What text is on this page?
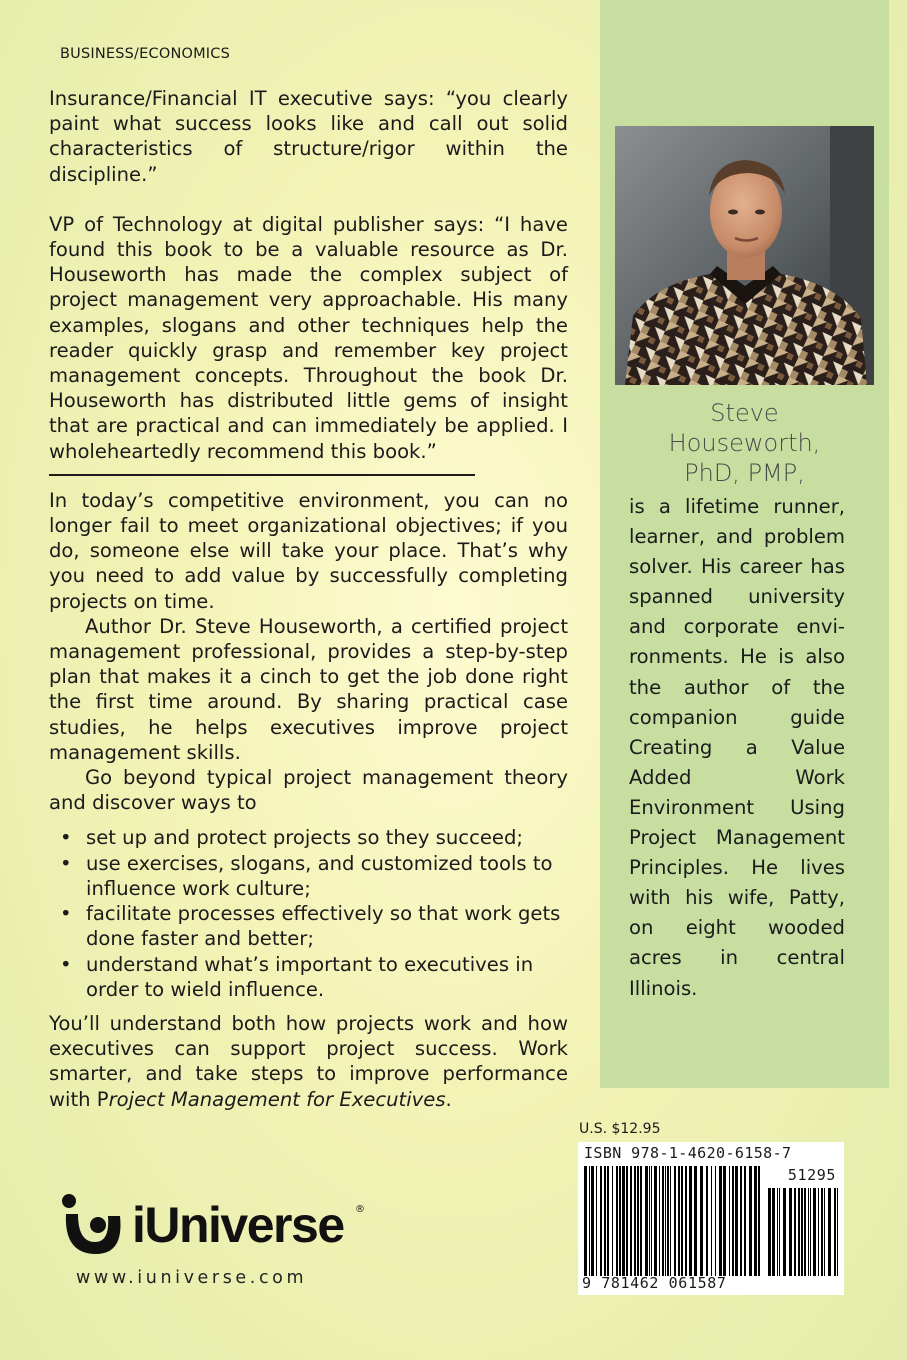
BUSINESS/ECONOMICS

Insurance/Financial IT executive says: “you clearly paint what success looks like and call out solid characteristics of structure/rigor within the discipline.”

VP of Technology at digital publisher says: “I have found this book to be a valuable resource as Dr. Houseworth has made the complex subject of project management very approachable. His many examples, slogans and other techniques help the reader quickly grasp and remember key project management concepts. Throughout the book Dr. Houseworth has distributed little gems of insight that are practical and can immediately be applied. I wholeheartedly recommend this book.”

In today’s competitive environment, you can no longer fail to meet organizational objectives; if you do, someone else will take your place. That’s why you need to add value by successfully completing projects on time.

Author Dr. Steve Houseworth, a certified project management professional, provides a step-by-step plan that makes it a cinch to get the job done right the first time around. By sharing practical case studies, he helps executives improve project management skills.

Go beyond typical project management theory and discover ways to

• set up and protect projects so they succeed;
• use exercises, slogans, and customized tools to influence work culture;
• facilitate processes effectively so that work gets done faster and better;
• understand what’s important to executives in order to wield influence.

You’ll understand both how projects work and how executives can support project success. Work smarter, and take steps to improve performance with Project Management for Executives.

Steve
Houseworth,
PhD, PMP,

is a lifetime runner, learner, and problem solver. His career has spanned university and corporate environments. He is also the author of the companion guide Creating a Value Added Work Environment Using Project Management Principles. He lives with his wife, Patty, on eight wooded acres in central Illinois.

U.S. $12.95

ISBN 978-1-4620-6158-7

51295

9 781462 061587

iUniverse ®

www.iuniverse.com
